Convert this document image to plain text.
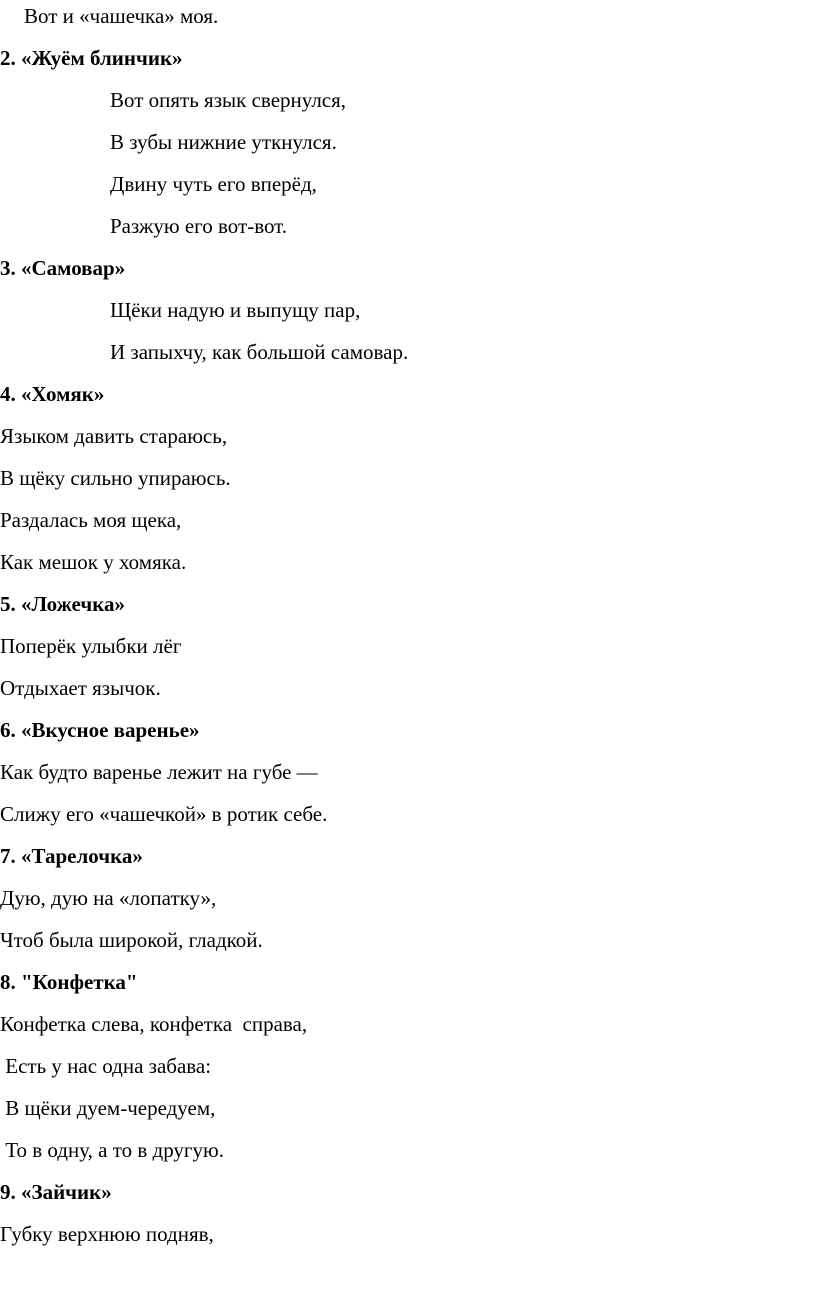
Вот и «чашечка» моя.

2. «Жуём блинчик»

Вот опять язык свернулся,

В зубы нижние уткнулся.

Двину чуть его вперёд,

Разжую его вот-вот.

3. «Самовар»

Щёки надую и выпущу пар,

И запыхчу, как большой самовар.

4. «Хомяк»

Языком давить стараюсь,

В щёку сильно упираюсь.

Раздалась моя щека,

Как мешок у хомяка.

5. «Ложечка»

Поперёк улыбки лёг

Отдыхает язычок.

6. «Вкусное варенье»

Как будто варенье лежит на губе —

Слижу его «чашечкой» в ротик себе.

7. «Тарелочка»

Дую, дую на «лопатку»,

Чтоб была широкой, гладкой.

8. "Конфетка"

Конфетка слева, конфетка  справа,

Есть у нас одна забава:

В щёки дуем-чередуем,

То в одну, а то в другую.

9. «Зайчик»

Губку верхнюю подняв,
